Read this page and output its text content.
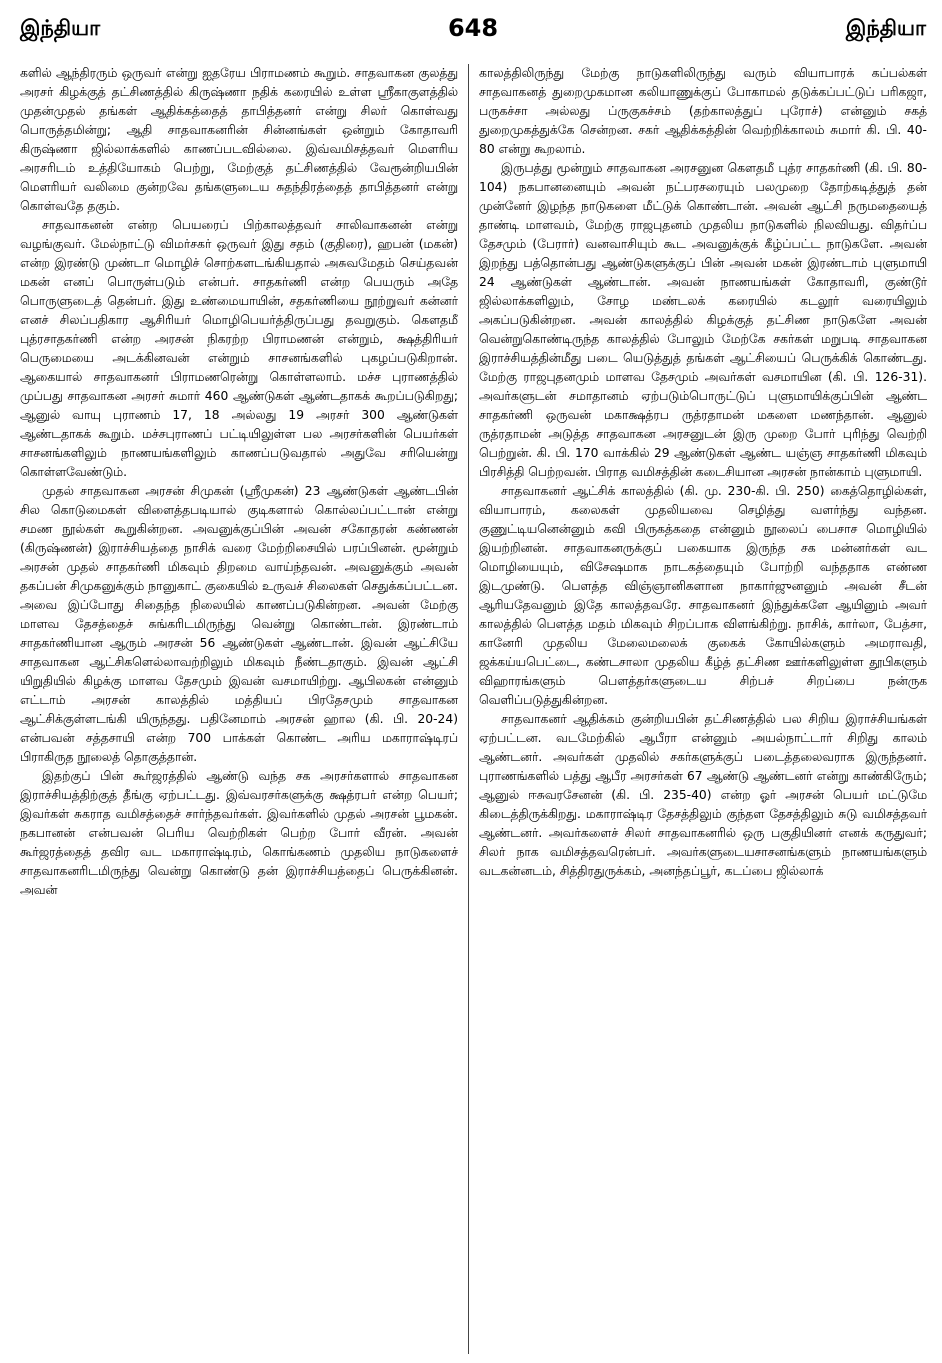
இந்தியா	648	இந்தியா

களில் ஆந்திரரும் ஒருவர் என்று ஐதரேய பிராமணம் கூறும். சாதவாகன குலத்து அரசர் கிழக்குத் தட்சிணத்தில் கிருஷ்ணா நதிக் கரையில் உள்ள ஸ்ரீகாகுளத்தில் முதன்முதல் தங்கள் ஆதிக்கத்தைத் தாபித்தனர் என்று சிலர் கொள்வது பொருத்தமின்று; ஆதி சாதவாகனரின் சின்னங்கள் ஒன்றும் கோதாவரி கிருஷ்ணா ஜில்லாக்களில் காணப்படவில்லை. இவ்வமிசத்தவர் மௌரிய அரசரிடம் உத்தியோகம் பெற்று, மேற்குத் தட்சிணத்தில் வேரூன்றியபின் மௌரியர் வலிமை குன்றவே தங்களுடைய சுதந்திரத்தைத் தாபித்தனர் என்று கொள்வதே தகும்.

சாதவாகனன் என்ற பெயரைப் பிற்காலத்தவர் சாலிவாகனன் என்று வழங்குவர். மேல்நாட்டு விமர்சகர் ஒருவர் இது சதம் (குதிரை), ஹபன் (மகன்) என்ற இரண்டு முண்டா மொழிச் சொற்களடங்கியதால் அசுவமேதம் செய்தவன் மகன் எனப் பொருள்படும் என்பர். சாதகர்ணி என்ற பெயரும் அதே பொருளுடைத் தென்பர். இது உண்மையாயின், சதகர்ணியை நூற்றுவர் கன்னர் எனச் சிலப்பதிகார ஆசிரியர் மொழிபெயர்த்திருப்பது தவறுகும். கௌதமீ புத்ரசாதகர்ணி என்ற அரசன் நிகரற்ற பிராமணன் என்றும், க்ஷத்திரியர் பெருமையை அடக்கினவன் என்றும் சாசனங்களில் புகழப்படுகிறான். ஆகையால் சாதவாகனர் பிராமணரென்று கொள்ளலாம். மச்ச புராணத்தில் முப்பது சாதவாகன அரசர் சுமார் 460 ஆண்டுகள் ஆண்டதாகக் கூறப்படுகிறது; ஆனுல் வாயு புராணம் 17, 18 அல்லது 19 அரசர் 300 ஆண்டுகள் ஆண்டதாகக் கூறும். மச்சபுராணப் பட்டியிலுள்ள பல அரசர்களின் பெயர்கள் சாசனங்களிலும் நாணயங்களிலும் காணப்படுவதால் அதுவே சரியென்று கொள்ளவேண்டும்.

முதல் சாதவாகன அரசன் சிமுகன் (ஸ்ரீமுகன்) 23 ஆண்டுகள் ஆண்டபின் சில கொடுமைகள் விளைத்தபடியால் குடிகளால் கொல்லப்பட்டான் என்று சமண நூல்கள் கூறுகின்றன. அவனுக்குப்பின் அவன் சகோதரன் கண்ணன் (கிருஷ்ணன்) இராச்சியத்தை நாசிக் வரை மேற்றிசையில் பரப்பினன். மூன்றும் அரசன் முதல் சாதகர்ணி மிகவும் திறமை வாய்ந்தவன். அவனுக்கும் அவன் தகப்பன் சிமுகனுக்கும் நானுகாட் குகையில் உருவச் சிலைகள் செதுக்கப்பட்டன. அவை இப்போது சிதைந்த நிலையில் காணப்படுகின்றன. அவன் மேற்கு மாளவ தேசத்தைச் சுங்கரிடமிருந்து வென்று கொண்டான். இரண்டாம் சாதகர்ணியான ஆரும் அரசன் 56 ஆண்டுகள் ஆண்டான். இவன் ஆட்சியே சாதவாகன ஆட்சிகளெல்லாவற்றிலும் மிகவும் நீண்டதாகும். இவன் ஆட்சி யிறுதியில் கிழக்கு மாளவ தேசமும் இவன் வசமாயிற்று. ஆபிலகன் என்னும் எட்டாம் அரசன் காலத்தில் மத்தியப் பிரதேசமும் சாதவாகன ஆட்சிக்குள்ளடங்கி யிருந்தது. பதினேமாம் அரசன் ஹால (கி. பி. 20-24) என்பவன் சத்தசாயி என்ற 700 பாக்கள் கொண்ட அரிய மகாராஷ்டிரப் பிராகிருத நூலைத் தொகுத்தான்.

இதற்குப் பின் கூர்ஜரத்தில் ஆண்டு வந்த சக அரசர்களால் சாதவாகன இராச்சியத்திற்குத் தீங்கு ஏற்பட்டது. இவ்வரசர்களுக்கு க்ஷத்ரபர் என்ற பெயர்; இவர்கள் சுகராத வமிசத்தைச் சார்ந்தவர்கள். இவர்களில் முதல் அரசன் பூமகன். நகபானன் என்பவன் பெரிய வெற்றிகள் பெற்ற போர் வீரன். அவன் கூர்ஜரத்தைத் தவிர வட மகாராஷ்டிரம், கொங்கணம் முதலிய நாடுகளைச் சாதவாகனரிடமிருந்து வென்று கொண்டு தன் இராச்சியத்தைப் பெருக்கினன். அவன்

காலத்திலிருந்து மேற்கு நாடுகளிலிருந்து வரும் வியாபாரக் கப்பல்கள் சாதவாகனத் துறைமுகமான கலியாணுக்குப் போகாமல் தடுக்கப்பட்டுப் பரிகஜா, பருகச்சா அல்லது ப்ருகுகச்சம் (தற்காலத்துப் புரோச்) என்னும் சகத் துறைமுகத்துக்கே சென்றன. சகர் ஆதிக்கத்தின் வெற்றிக்காலம் சுமார் கி. பி. 40-80 என்று கூறலாம்.

இருபத்து மூன்றும் சாதவாகன அரசனுன கௌதமீ புத்ர சாதகர்ணி (கி. பி. 80-104) நகபானனையும் அவன் நட்பரசரையும் பலமுறை தோற்கடித்துத் தன் முன்னேர் இழந்த நாடுகளை மீட்டுக் கொண்டான். அவன் ஆட்சி நருமதையைத் தாண்டி மாளவம், மேற்கு ராஜபுதனம் முதலிய நாடுகளில் நிலவியது. விதர்ப்ப தேசமும் (பேரார்) வனவாசியும் கூட அவனுக்குக் கீழ்ப்பட்ட நாடுகளே. அவன் இறந்து பத்தொன்பது ஆண்டுகளுக்குப் பின் அவன் மகன் இரண்டாம் புளுமாயி 24 ஆண்டுகள் ஆண்டான். அவன் நாணயங்கள் கோதாவரி, குண்டூர் ஜில்லாக்களிலும், சோழ மண்டலக் கரையில் கடலூர் வரையிலும் அகப்படுகின்றன. அவன் காலத்தில் கிழக்குத் தட்சிண நாடுகளே அவன் வென்றுகொண்டிருந்த காலத்தில் போலும் மேற்கே சகர்கள் மறுபடி சாதவாகன இராச்சியத்தின்மீது படை யெடுத்துத் தங்கள் ஆட்சியைப் பெருக்கிக் கொண்டது. மேற்கு ராஜபுதனமும் மாளவ தேசமும் அவர்கள் வசமாயின (கி. பி. 126-31). அவர்களுடன் சமாதானம் ஏற்படும்பொருட்டுப் புளுமாயிக்குப்பின் ஆண்ட சாதகர்ணி ஒருவன் மகாக்ஷத்ரப ருத்ரதாமன் மகளை மணந்தான். ஆனுல் ருத்ரதாமன் அடுத்த சாதவாகன அரசனுடன் இரு முறை போர் புரிந்து வெற்றி பெற்றுன். கி. பி. 170 வாக்கில் 29 ஆண்டுகள் ஆண்ட யஞ்ஞ சாதகர்ணி மிகவும் பிரசித்தி பெற்றவன். பிராத வமிசத்தின் கடைசியான அரசன் நான்காம் புளுமாயி.

சாதவாகனர் ஆட்சிக் காலத்தில் (கி. மு. 230-கி. பி. 250) கைத்தொழில்கள், வியாபாரம், கலைகள் முதலியவை செழித்து வளர்ந்து வந்தன. குணுட்டியனென்னும் கவி பிருகத்கதை என்னும் நூலைப் பைசாச மொழியில் இயற்றினன். சாதவாகனருக்குப் பகையாக இருந்த சக மன்னர்கள் வட மொழியையும், விசேஷமாக நாடகத்தையும் போற்றி வந்ததாக எண்ண இடமுண்டு. பௌத்த விஞ்ஞானிகளான நாகார்ஜுனனும் அவன் சீடன் ஆரியதேவனும் இதே காலத்தவரே. சாதவாகனர் இந்துக்களே ஆயினும் அவர் காலத்தில் பௌத்த மதம் மிகவும் சிறப்பாக விளங்கிற்று. நாசிக், கார்லா, பேத்சா, கானேரி முதலிய மேலைமலைக் குகைக் கோயில்களும் அமராவதி, ஜக்கய்யபெட்டை, கண்டசாலா முதலிய கீழ்த் தட்சிண ஊர்களிலுள்ள தூபிகளும் விஹாரங்களும் பௌத்தர்களுடைய சிற்பச் சிறப்பை நன்ருக வெளிப்படுத்துகின்றன.

சாதவாகனர் ஆதிக்கம் குன்றியபின் தட்சிணத்தில் பல சிறிய இராச்சியங்கள் ஏற்பட்டன. வடமேற்கில் ஆபீரா என்னும் அயல்நாட்டார் சிறிது காலம் ஆண்டனர். அவர்கள் முதலில் சகர்களுக்குப் படைத்தலைவராக இருந்தனர். புராணங்களில் பத்து ஆபீர அரசர்கள் 67 ஆண்டு ஆண்டனர் என்று காண்கிருேம்; ஆனுல் ஈசுவரசேனன் (கி. பி. 235-40) என்ற ஓர் அரசன் பெயர் மட்டுமே கிடைத்திருக்கிறது. மகாராஷ்டிர தேசத்திலும் குந்தள தேசத்திலும் சுடு வமிசத்தவர் ஆண்டனர். அவர்களைச் சிலர் சாதவாகனரில் ஒரு பகுதியினர் எனக் கருதுவர்; சிலர் நாக வமிசத்தவரென்பர். அவர்களுடையசாசனங்களும் நாணயங்களும் வடகன்னடம், சித்திரதுருக்கம், அனந்தப்பூர், கடப்பை ஜில்லாக்
